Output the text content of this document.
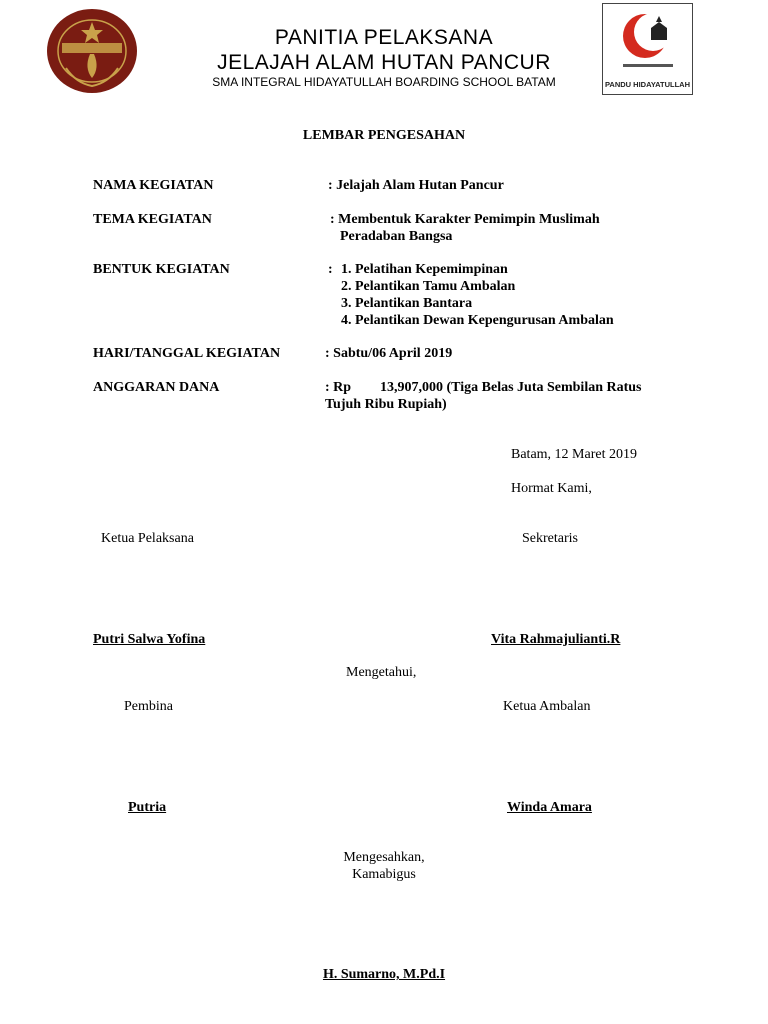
PANITIA PELAKSANA
JELAJAH ALAM HUTAN PANCUR
SMA INTEGRAL HIDAYATULLAH BOARDING SCHOOL BATAM	PANDU HIDAYATULLAH
LEMBAR PENGESAHAN
NAMA KEGIATAN	: Jelajah Alam Hutan Pancur
TEMA KEGIATAN	: Membentuk Karakter Pemimpin Muslimah
Peradaban Bangsa
BENTUK KEGIATAN	: 1. Pelatihan Kepemimpinan
2. Pelantikan Tamu Ambalan
3. Pelantikan Bantara
4. Pelantikan Dewan Kepengurusan Ambalan
HARI/TANGGAL KEGIATAN	: Sabtu/06 April 2019
ANGGARAN DANA	: Rp 13,907,000 (Tiga Belas Juta Sembilan Ratus
Tujuh Ribu Rupiah)
Batam, 12 Maret 2019
Hormat Kami,
Ketua Pelaksana	Sekretaris
Putri Salwa Yofina	Vita Rahmajulianti.R
Mengetahui,
Pembina	Ketua Ambalan
Putria	Winda Amara
Mengesahkan,
Kamabigus
H. Sumarno, M.Pd.I
